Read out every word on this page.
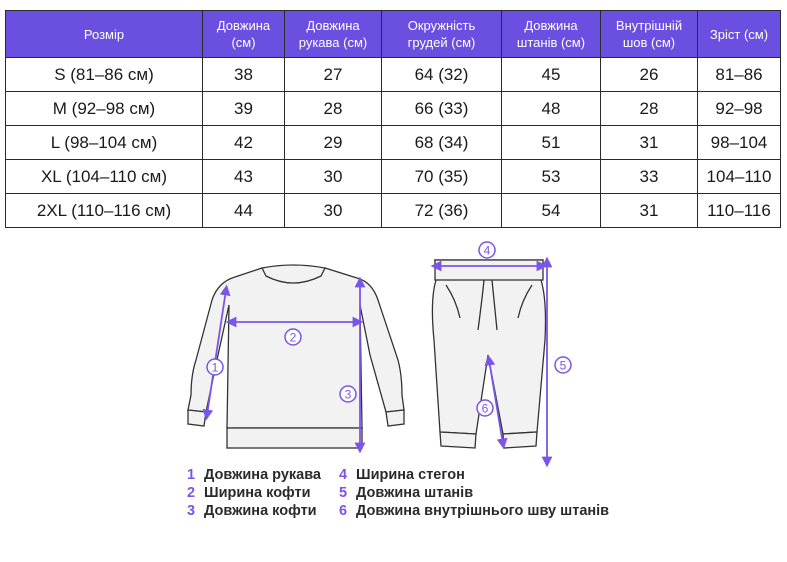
Розмір	Довжина (см)	Довжина рукава (см)	Окружність грудей (см)	Довжина штанів (см)	Внутрішній шов (см)	Зріст (см)
S (81–86 см)	38	27	64 (32)	45	26	81–86
M (92–98 см)	39	28	66 (33)	48	28	92–98
L (98–104 см)	42	29	68 (34)	51	31	98–104
XL (104–110 см)	43	30	70 (35)	53	33	104–110
2XL (110–116 см)	44	30	72 (36)	54	31	110–116
1
2
3
4
5
6
1 Довжина рукава
2 Ширина кофти
3 Довжина кофти
4 Ширина стегон
5 Довжина штанів
6 Довжина внутрішнього шву штанів
